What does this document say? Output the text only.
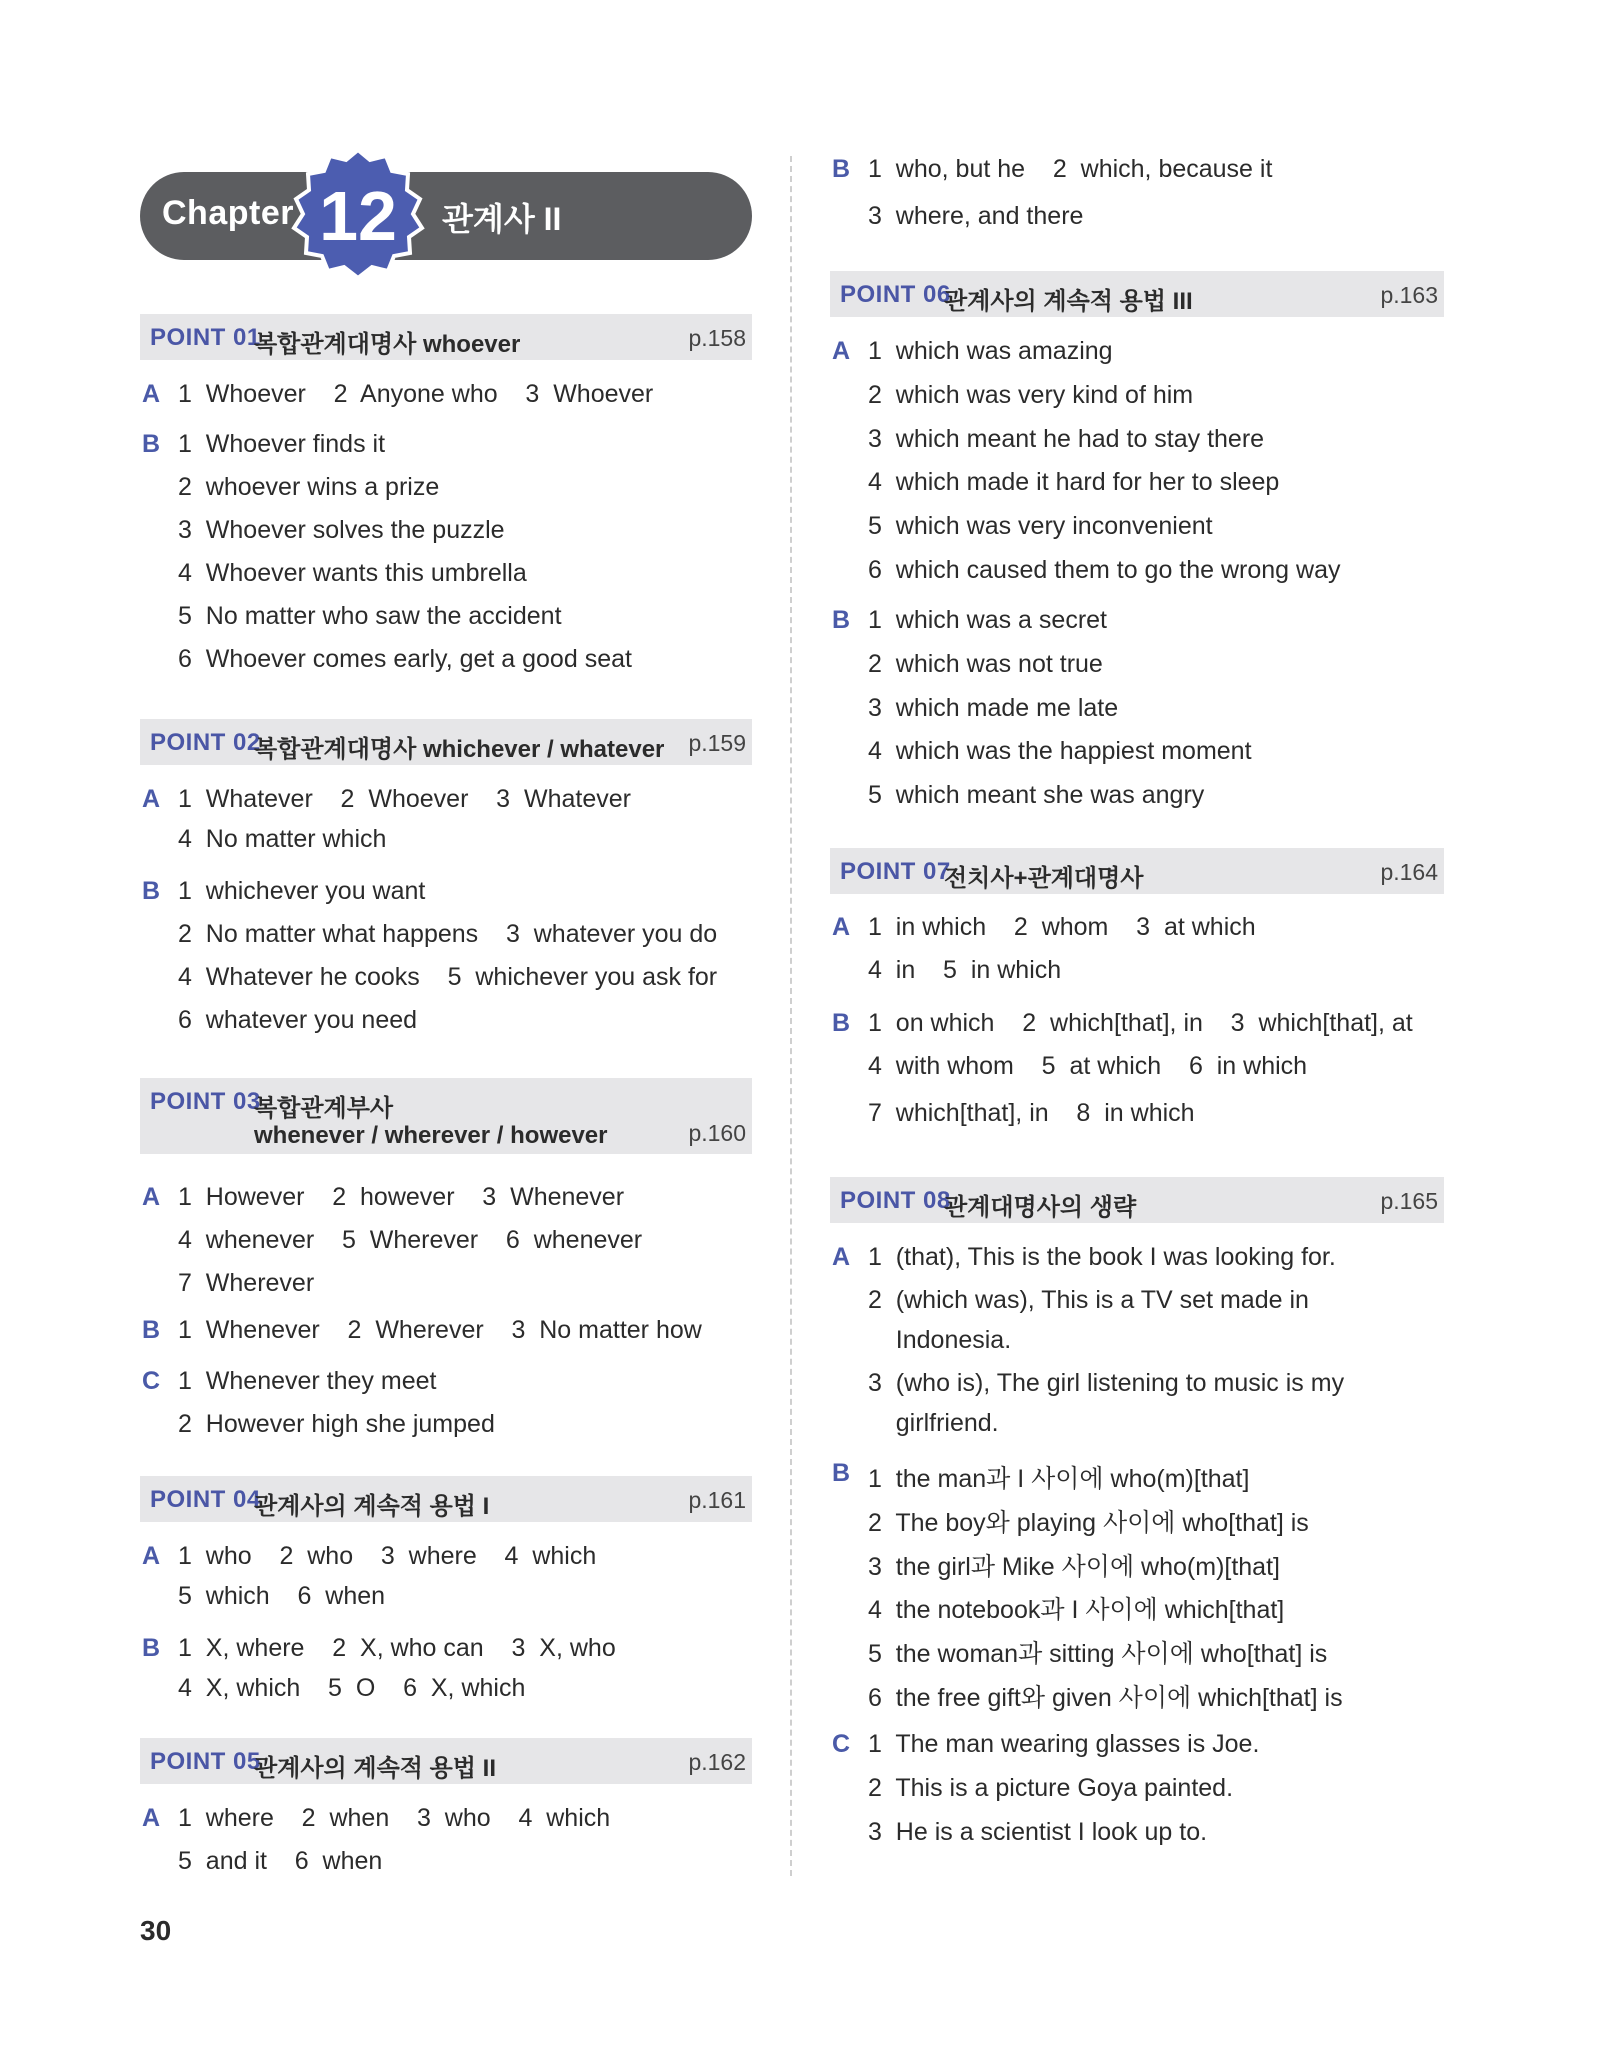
Chapter 12	관계사 II
POINT 01
복합관계대명사 whoever	p.158
A 1  Whoever    2  Anyone who    3  Whoever
B 1  Whoever finds it
2  whoever wins a prize
3  Whoever solves the puzzle
4  Whoever wants this umbrella
5  No matter who saw the accident
6  Whoever comes early, get a good seat
POINT 02
복합관계대명사 whichever / whatever p.159
A 1  Whatever    2  Whoever    3  Whatever
4  No matter which
B 1  whichever you want
2  No matter what happens    3  whatever you do
4  Whatever he cooks    5  whichever you ask for
6  whatever you need
POINT 03
복합관계부사
whenever / wherever / however	p.160
A 1  However    2  however    3  Whenever
4  whenever    5  Wherever    6  whenever
7  Wherever
B 1  Whenever    2  Wherever    3  No matter how
C 1  Whenever they meet
2  However high she jumped
POINT 04
관계사의 계속적 용법 I	p.161
A 1  who    2  who    3  where    4  which
5  which    6  when
B 1  X, where    2  X, who can    3  X, who
4  X, which    5  O    6  X, which
POINT 05
관계사의 계속적 용법 II	p.162
A 1  where    2  when    3  who    4  which
5  and it    6  when
B 1  who, but he    2  which, because it
3  where, and there
POINT 06
관계사의 계속적 용법 III	p.163
A 1  which was amazing
2  which was very kind of him
3  which meant he had to stay there
4  which made it hard for her to sleep
5  which was very inconvenient
6  which caused them to go the wrong way
B 1  which was a secret
2  which was not true
3  which made me late
4  which was the happiest moment
5  which meant she was angry
POINT 07
전치사+관계대명사	p.164
A 1  in which    2  whom    3  at which
4  in    5  in which
B 1  on which    2  which[that], in    3  which[that], at
4  with whom    5  at which    6  in which
7  which[that], in    8  in which
POINT 08
관계대명사의 생략	p.165
A 1  (that), This is the book I was looking for.
2  (which was), This is a TV set made in
Indonesia.
3  (who is), The girl listening to music is my
girlfriend.
B 1  the man과 I 사이에 who(m)[that]
2  The boy와 playing 사이에 who[that] is
3  the girl과 Mike 사이에 who(m)[that]
4  the notebook과 I 사이에 which[that]
5  the woman과 sitting 사이에 who[that] is
6  the free gift와 given 사이에 which[that] is
C 1  The man wearing glasses is Joe.
2  This is a picture Goya painted.
3  He is a scientist I look up to.
30
